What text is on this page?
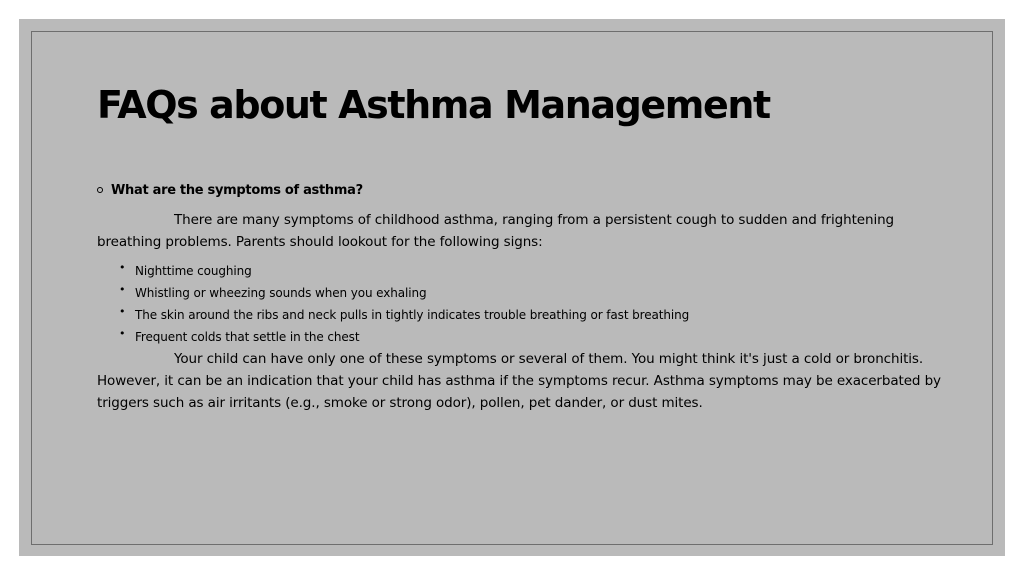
FAQs about Asthma Management
What are the symptoms of asthma?

There are many symptoms of childhood asthma, ranging from a persistent cough to sudden and frightening breathing problems. Parents should lookout for the following signs:

• Nighttime coughing
• Whistling or wheezing sounds when you exhaling
• The skin around the ribs and neck pulls in tightly indicates trouble breathing or fast breathing
• Frequent colds that settle in the chest

Your child can have only one of these symptoms or several of them. You might think it's just a cold or bronchitis. However, it can be an indication that your child has asthma if the symptoms recur. Asthma symptoms may be exacerbated by triggers such as air irritants (e.g., smoke or strong odor), pollen, pet dander, or dust mites.
